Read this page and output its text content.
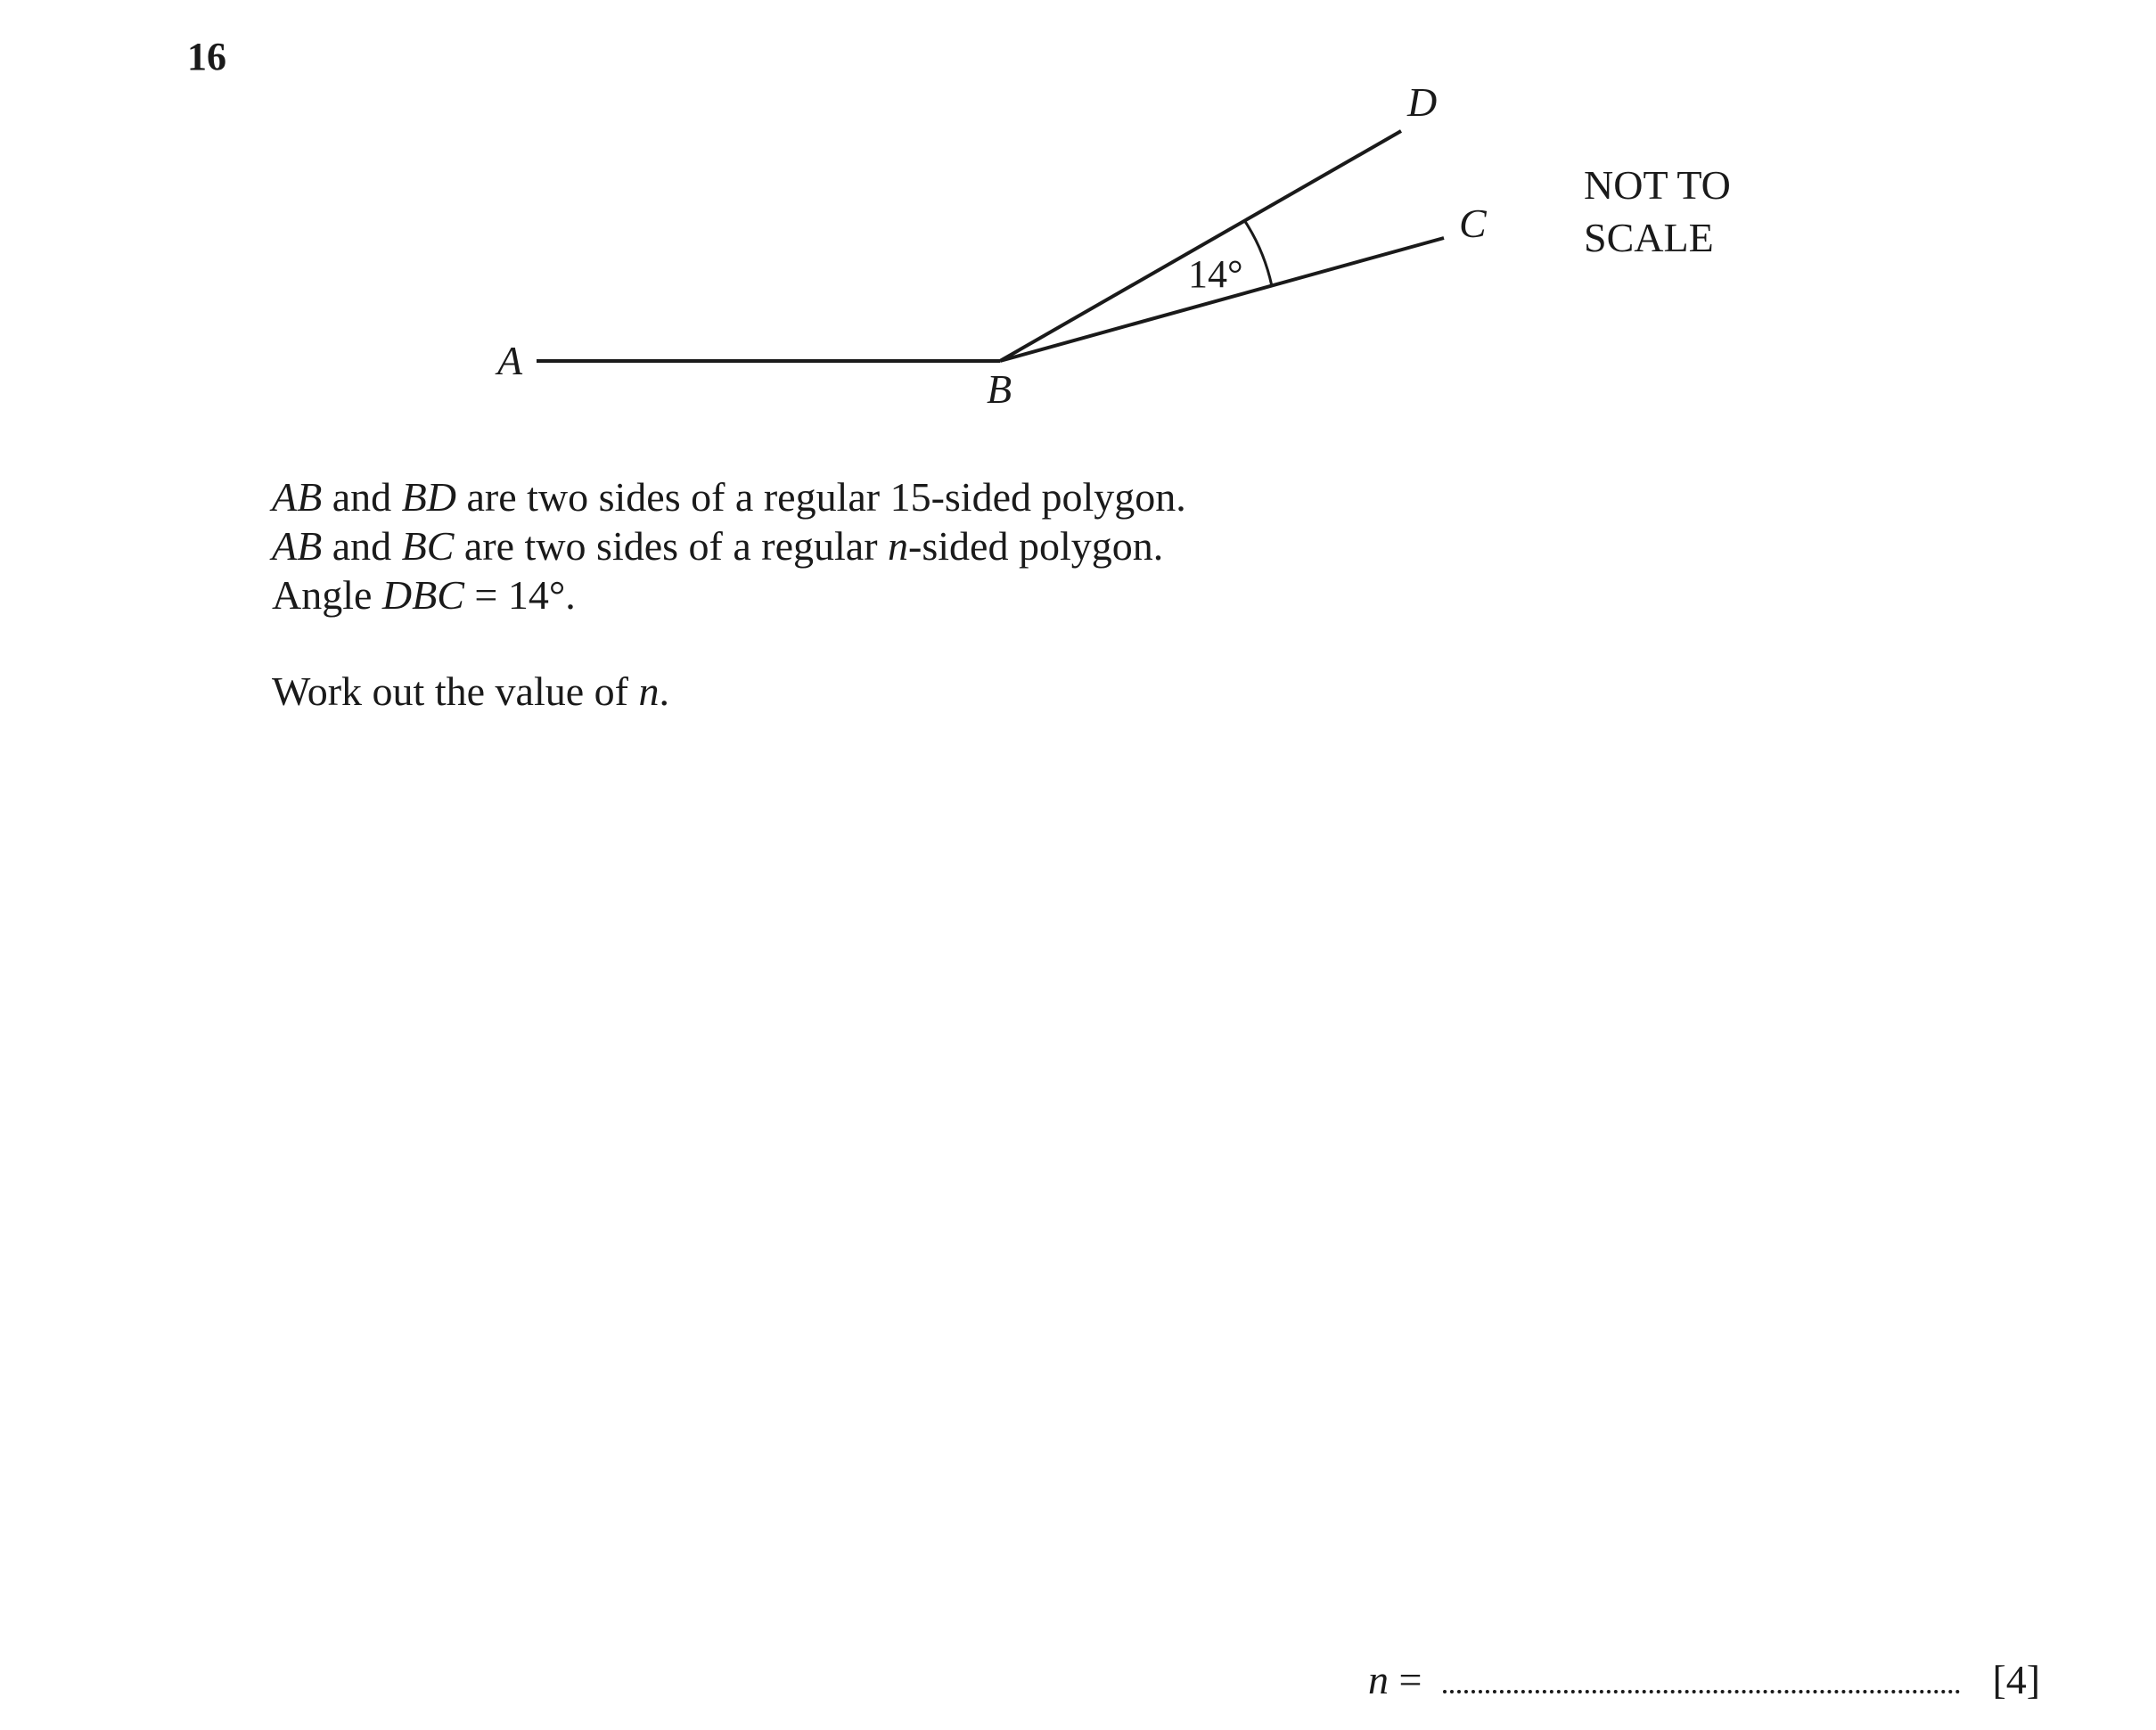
16
A
B
C
D
14°
NOT TO
SCALE

AB and BD are two sides of a regular 15-sided polygon.

AB and BC are two sides of a regular n-sided polygon.

Angle DBC = 14°.

Work out the value of n.

n =	[4]
